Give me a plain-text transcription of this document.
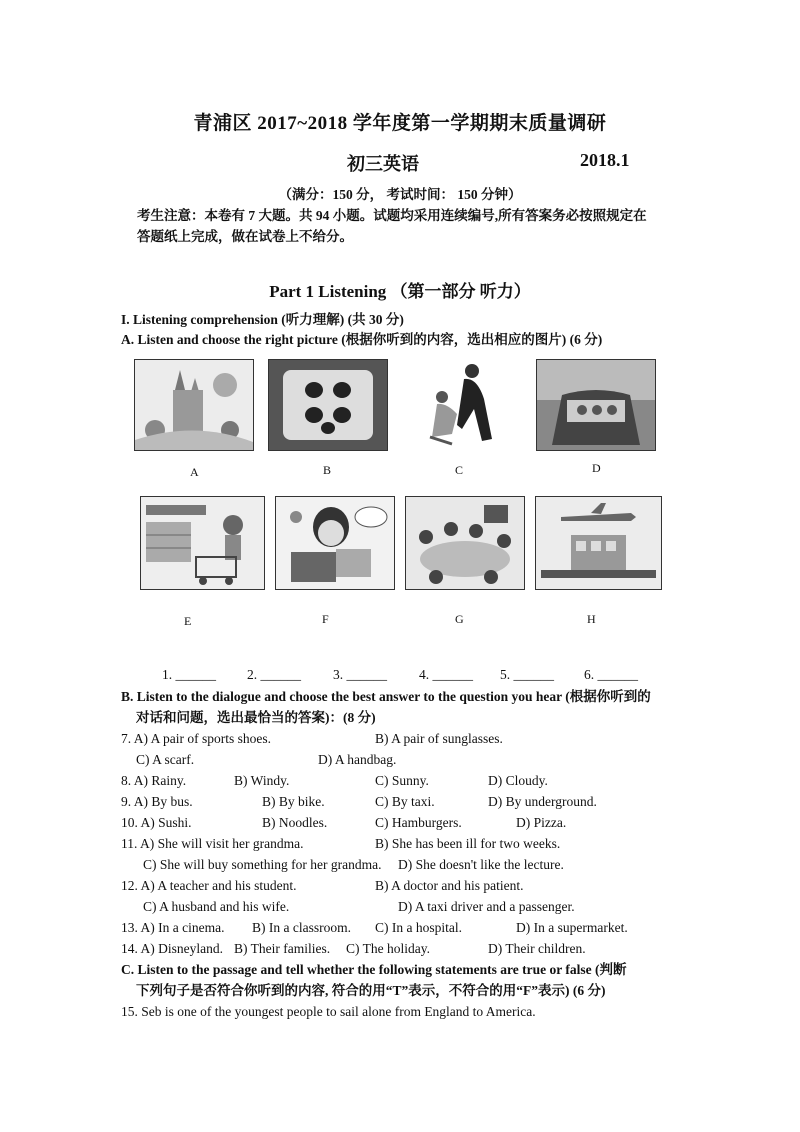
青浦区 2017~2018 学年度第一学期期末质量调研
初三英语	2018.1
（满分：150 分， 考试时间： 150 分钟）
考生注意：本卷有 7 大题。共 94 小题。试题均采用连续编号,所有答案务必按照规定在
答题纸上完成，做在试卷上不给分。
Part 1 Listening （第一部分 听力）
I. Listening comprehension (听力理解) (共 30 分)
A. Listen and choose the right picture (根据你听到的内容，选出相应的图片) (6 分)
A	B	C	D
E	F	G	H
1. ______ 2. ______ 3. ______ 4. ______ 5. ______ 6. ______
B. Listen to the dialogue and choose the best answer to the question you hear (根据你听到的
对话和问题，选出最恰当的答案)：(8 分)
7. A) A pair of sports shoes.	B) A pair of sunglasses.
C) A scarf.	D) A handbag.
8. A) Rainy.	B) Windy.	C) Sunny.	D) Cloudy.
9. A) By bus.	B) By bike.	C) By taxi.	D) By underground.
10. A) Sushi.	B) Noodles.	C) Hamburgers.	D) Pizza.
11. A) She will visit her grandma.	B) She has been ill for two weeks.
C) She will buy something for her grandma. D) She doesn't like the lecture.
12. A) A teacher and his student.	B) A doctor and his patient.
C) A husband and his wife.	D) A taxi driver and a passenger.
13. A) In a cinema. B) In a classroom. C) In a hospital.	D) In a supermarket.
14. A) Disneyland. B) Their families. C) The holiday.	D) Their children.
C. Listen to the passage and tell whether the following statements are true or false (判断
下列句子是否符合你听到的内容, 符合的用“T”表示，不符合的用“F”表示) (6 分)
15. Seb is one of the youngest people to sail alone from England to America.
